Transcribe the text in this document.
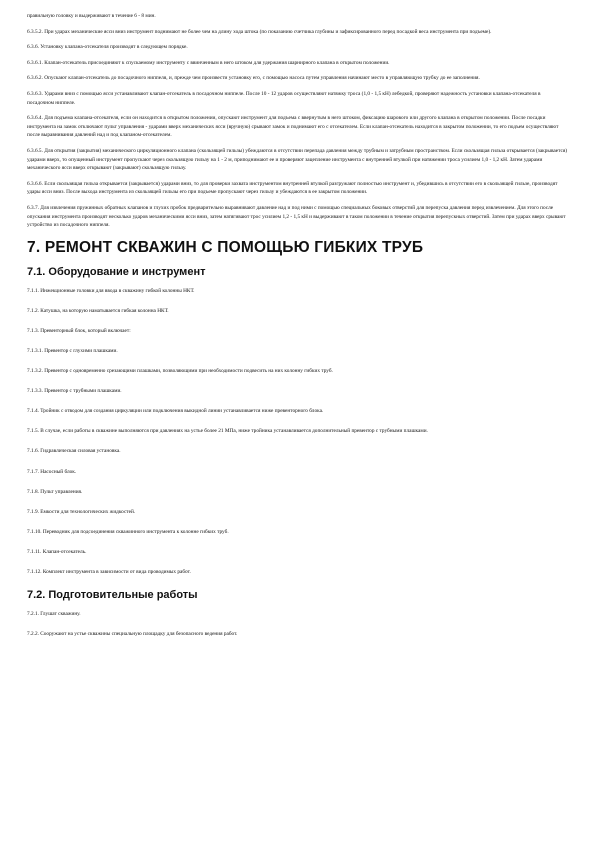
правильную головку и выдерживают в течение 6 - 8 мин.

6.3.5.2. При ударах механические ясси вниз инструмент поднимают не более чем на длину хода штока (по показанию счетчика глубины и зафиксированного перед посадкой веса инструмента при подъеме).

6.3.6. Установку клапана-отсекателя производят в следующем порядке.

6.3.6.1. Клапан-отсекатель присоединяют к спускаемому инструменту с ввинченным в него штоком для удержания шарнирного клапана в открытом положении.

6.3.6.2. Опускают клапан-отсекатель до посадочного ниппеля, и, прежде чем произвести установку его, с помощью насоса путем управления начинают место в управляющую трубку до ее заполнения.

6.3.6.3. Ударами вниз с помощью ясси устанавливают клапан-отсекатель в посадочном ниппеле. После 10 - 12 ударов осуществляют натяжку троса (1,0 - 1,5 кН) лебедкой, проверяют надежность установки клапана-отсекателя в посадочном ниппеле.

6.3.6.4. Для подъема клапана-отсекателя, если он находится в открытом положении, опускают инструмент для подъема с ввернутым в него штоком, фиксацию шарового или другого клапана в открытом положении. После посадки инструмента на замок отключают пульт управления - ударами вверх механических ясси (вручную) срывают замок и поднимают его с отсекателем. Если клапан-отсекатель находится в закрытом положении, то его подъем осуществляют после выравнивания давлений над и под клапаном-отсекателем.

6.3.6.5. Для открытия (закрытия) механического циркуляционного клапана (скользящей гильзы) убеждаются в отсутствии перепада давления между трубным и затрубным пространством. Если скользящая гильза открывается (закрывается) ударами вверх, то опущенный инструмент пропускают через скользящую гильзу на 1 - 2 м, приподнимают ее и проверяют зацепление инструмента с внутренней втулкой при натяжении троса усилием 1,0 - 1,2 кН. Затем ударами механического ясси вверх открывают (закрывают) скользящую гильзу.

6.3.6.6. Если скользящая гильза открывается (закрывается) ударами вниз, то для проверки захвата инструментом внутренней втулкой разгружают полностью инструмент и, убедившись в отсутствии его в скользящей гильзе, производят удары ясси вниз. После выхода инструмента из скользящей гильзы его при подъеме пропускают через гильзу и убеждаются в ее закрытом положении.

6.3.7. Для извлечения пружинных обратных клапанов и глухих пробок предварительно выравнивают давление над и под ними с помощью специальных боковых отверстий для перепуска давления перед извлечением. Для этого после опускания инструмента производят несколько ударов механическими ясси вниз, затем натягивают трос усилием 1,2 - 1,5 кН и выдерживают в таком положении в течение открытия перепускных отверстий. Затем при ударах вверх срывают устройство из посадочного ниппеля.

7. РЕМОНТ СКВАЖИН С ПОМОЩЬЮ ГИБКИХ ТРУБ
7.1. Оборудование и инструмент

7.1.1. Инжекционные головки для ввода в скважину гибкой колонны НКТ.

7.1.2. Катушка, на которую наматывается гибкая колонна НКТ.

7.1.3. Превенторный блок, который включает:

7.1.3.1. Превентор с глухими плашками.

7.1.3.2. Превентор с одновременно срезающими плашками, позволяющими при необходимости подвесить на них колонну гибких труб.

7.1.3.3. Превентор с трубными плашками.

7.1.4. Тройник с отводом для создания циркуляции или подключения выкидной линии устанавливается ниже превенторного блока.

7.1.5. В случае, если работы в скважине выполняются при давлениях на устье более 21 МПа, ниже тройника устанавливается дополнительный превентор с трубными плашками.

7.1.6. Гидравлическая силовая установка.

7.1.7. Насосный блок.

7.1.8. Пульт управления.

7.1.9. Емкости для технологических жидкостей.

7.1.10. Переводник для подсоединения скважинного инструмента к колонне гибких труб.

7.1.11. Клапан-отсекатель.

7.1.12. Комплект инструмента в зависимости от вида проводимых работ.

7.2. Подготовительные работы

7.2.1. Глушат скважину.

7.2.2. Сооружают на устье скважины специальную площадку для безопасного ведения работ.
